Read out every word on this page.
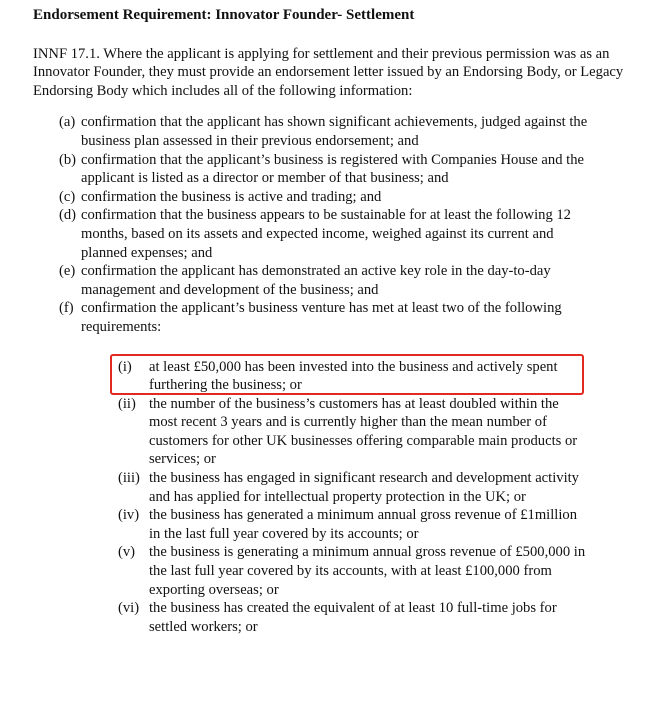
Endorsement Requirement: Innovator Founder- Settlement
INNF 17.1. Where the applicant is applying for settlement and their previous permission was as an Innovator Founder, they must provide an endorsement letter issued by an Endorsing Body, or Legacy Endorsing Body which includes all of the following information:
(a) confirmation that the applicant has shown significant achievements, judged against the business plan assessed in their previous endorsement; and
(b) confirmation that the applicant’s business is registered with Companies House and the applicant is listed as a director or member of that business; and
(c) confirmation the business is active and trading; and
(d) confirmation that the business appears to be sustainable for at least the following 12 months, based on its assets and expected income, weighed against its current and planned expenses; and
(e) confirmation the applicant has demonstrated an active key role in the day-to-day management and development of the business; and
(f) confirmation the applicant’s business venture has met at least two of the following requirements:
(i)	at least £50,000 has been invested into the business and actively spent furthering the business; or
(ii) the number of the business’s customers has at least doubled within the most recent 3 years and is currently higher than the mean number of customers for other UK businesses offering comparable main products or services; or
(iii) the business has engaged in significant research and development activity and has applied for intellectual property protection in the UK; or
(iv) the business has generated a minimum annual gross revenue of £1million in the last full year covered by its accounts; or
(v) the business is generating a minimum annual gross revenue of £500,000 in the last full year covered by its accounts, with at least £100,000 from exporting overseas; or
(vi) the business has created the equivalent of at least 10 full-time jobs for settled workers; or
